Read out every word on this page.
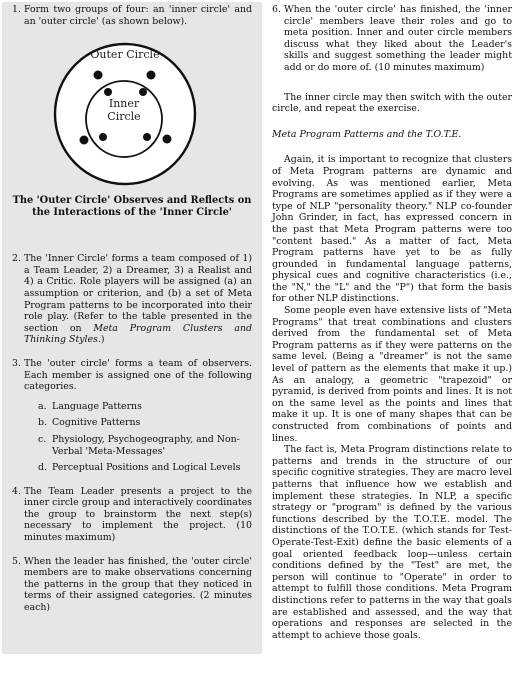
1. Form two groups of four: an 'inner circle' and an 'outer circle' (as shown below).

Outer Circle
Inner
Circle
The 'Outer Circle' Observes and Reflects on the Interactions of the 'Inner Circle'
2. The 'Inner Circle' forms a team composed of 1) a Team Leader, 2) a Dreamer, 3) a Realist and 4) a Critic. Role players will be assigned (a) an assumption or criterion, and (b) a set of Meta Program patterns to be incorporated into their role play. (Refer to the table presented in the section on Meta Program Clusters and Thinking Styles.)

3. The 'outer circle' forms a team of observers. Each member is assigned one of the following categories.

a. Language Patterns
b. Cognitive Patterns
c. Physiology, Psychogeography, and Non-Verbal 'Meta-Messages'
d. Perceptual Positions and Logical Levels
4. The Team Leader presents a project to the inner circle group and interactively coordinates the group to brainstorm the next step(s) necessary to implement the project. (10 minutes maximum)

5. When the leader has finished, the 'outer circle' members are to make observations concerning the patterns in the group that they noticed in terms of their assigned categories. (2 minutes each)

6. When the 'outer circle' has finished, the 'inner circle' members leave their roles and go to meta position. Inner and outer circle members discuss what they liked about the Leader's skills and suggest something the leader might add or do more of. (10 minutes maximum)

The inner circle may then switch with the outer circle, and repeat the exercise.

Meta Program Patterns and the T.O.T.E.

Again, it is important to recognize that clusters of Meta Program patterns are dynamic and evolving. As was mentioned earlier, Meta Programs are sometimes applied as if they were a type of NLP "personality theory." NLP co-founder John Grinder, in fact, has expressed concern in the past that Meta Program patterns were too "content based." As a matter of fact, Meta Program patterns have yet to be as fully grounded in fundamental language patterns, physical cues and cognitive characteristics (i.e., the "N," the "L" and the "P") that form the basis for other NLP distinctions.

Some people even have extensive lists of "Meta Programs" that treat combinations and clusters derived from the fundamental set of Meta Program patterns as if they were patterns on the same level. (Being a "dreamer" is not the same level of pattern as the elements that make it up.) As an analogy, a geometric "trapezoid" or pyramid, is derived from points and lines. It is not on the same level as the points and lines that make it up. It is one of many shapes that can be constructed from combinations of points and lines.

The fact is, Meta Program distinctions relate to patterns and trends in the structure of our specific cognitive strategies. They are macro level patterns that influence how we establish and implement these strategies. In NLP, a specific strategy or "program" is defined by the various functions described by the T.O.T.E. model. The distinctions of the T.O.T.E. (which stands for Test-Operate-Test-Exit) define the basic elements of a goal oriented feedback loop—unless certain conditions defined by the "Test" are met, the person will continue to "Operate" in order to attempt to fulfill those conditions. Meta Program distinctions refer to patterns in the way that goals are established and assessed, and the way that operations and responses are selected in the attempt to achieve those goals.
